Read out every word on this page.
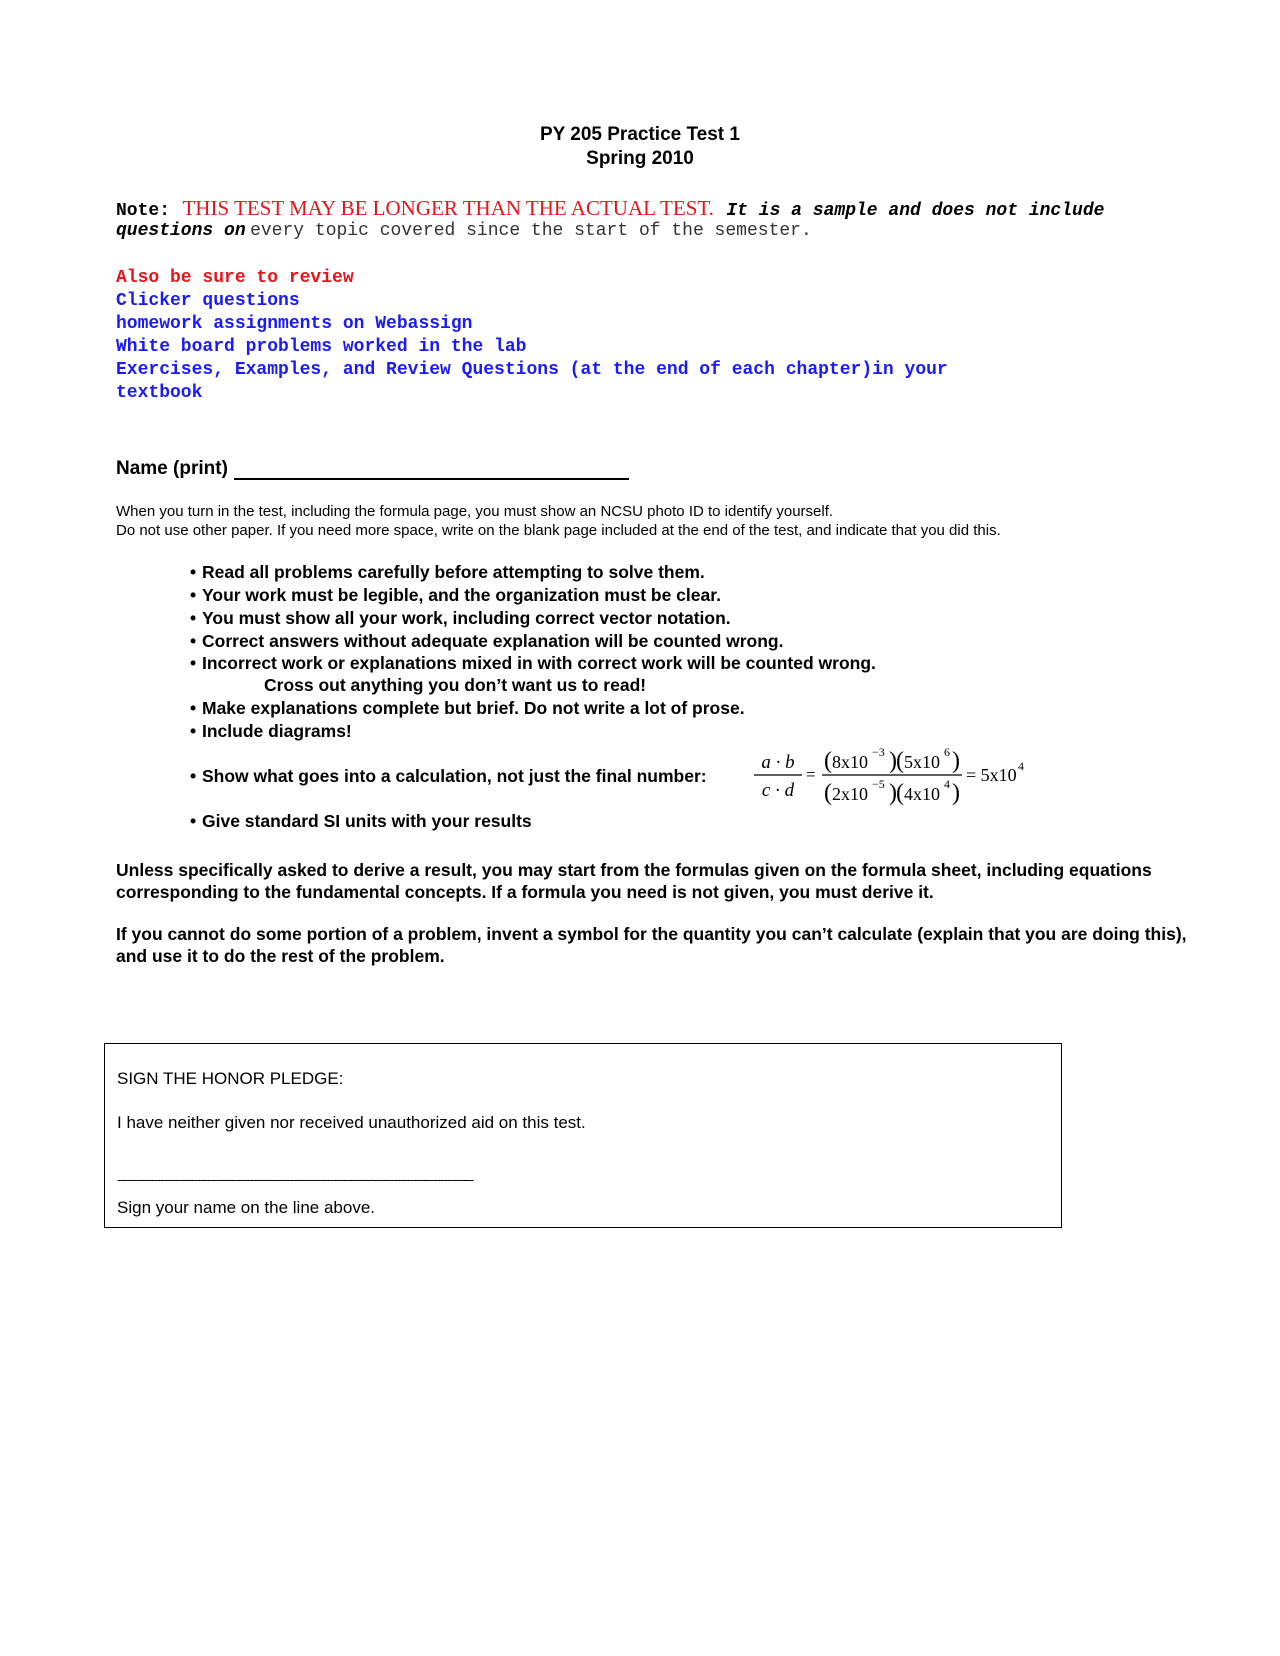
PY 205 Practice Test 1
Spring 2010
Note: THIS TEST MAY BE LONGER THAN THE ACTUAL TEST. It is a sample and does not include
questions on every topic covered since the start of the semester.
Also be sure to review
Clicker questions
homework assignments on Webassign
White board problems worked in the lab
Exercises, Examples, and Review Questions (at the end of each chapter)in your
textbook
Name (print)
When you turn in the test, including the formula page, you must show an NCSU photo ID to identify yourself.
Do not use other paper. If you need more space, write on the blank page included at the end of the test, and indicate that you did this.
• Read all problems carefully before attempting to solve them.
• Your work must be legible, and the organization must be clear.
• You must show all your work, including correct vector notation.
• Correct answers without adequate explanation will be counted wrong.
• Incorrect work or explanations mixed in with correct work will be counted wrong.
Cross out anything you don’t want us to read!
• Make explanations complete but brief. Do not write a lot of prose.
• Include diagrams!
• Show what goes into a calculation, not just the final number:
a · b
c · d
=
( 8x10 −3 ) ( 5x10 6 )
( 2x10 −5 ) ( 4x10 4 )
= 5x10 4
• Give standard SI units with your results
Unless specifically asked to derive a result, you may start from the formulas given on the formula sheet, including equations corresponding to the fundamental concepts. If a formula you need is not given, you must derive it.
If you cannot do some portion of a problem, invent a symbol for the quantity you can’t calculate (explain that you are doing this), and use it to do the rest of the problem.
SIGN THE HONOR PLEDGE:
I have neither given nor received unauthorized aid on this test.
-----------------------------------------------------------------------------------------------------------
Sign your name on the line above.
